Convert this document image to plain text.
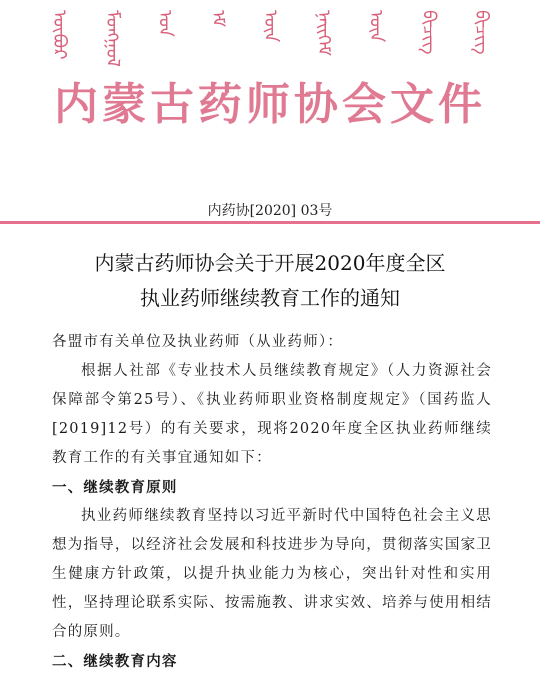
ᠥᠪᠥᠷ ᠮᠣᠩᠭᠣᠯ ᠤᠨ ᠡᠮ ᠦᠨ ᠨᠡᠢᠭᠡᠮ ᠦᠨ ᠪᠢᠴᠢᠭ ᠪᠢᠴᠢᠭ
内蒙古药师协会文件
内药协[2020] 03号
内蒙古药师协会关于开展2020年度全区
执业药师继续教育工作的通知

各盟市有关单位及执业药师（从业药师）：

根据人社部《专业技术人员继续教育规定》（人力资源社会保障部令第25号）、《执业药师职业资格制度规定》（国药监人[2019]12号）的有关要求，现将2020年度全区执业药师继续教育工作的有关事宜通知如下：

一、继续教育原则

执业药师继续教育坚持以习近平新时代中国特色社会主义思想为指导，以经济社会发展和科技进步为导向，贯彻落实国家卫生健康方针政策，以提升执业能力为核心，突出针对性和实用性，坚持理论联系实际、按需施教、讲求实效、培养与使用相结合的原则。

二、继续教育内容
